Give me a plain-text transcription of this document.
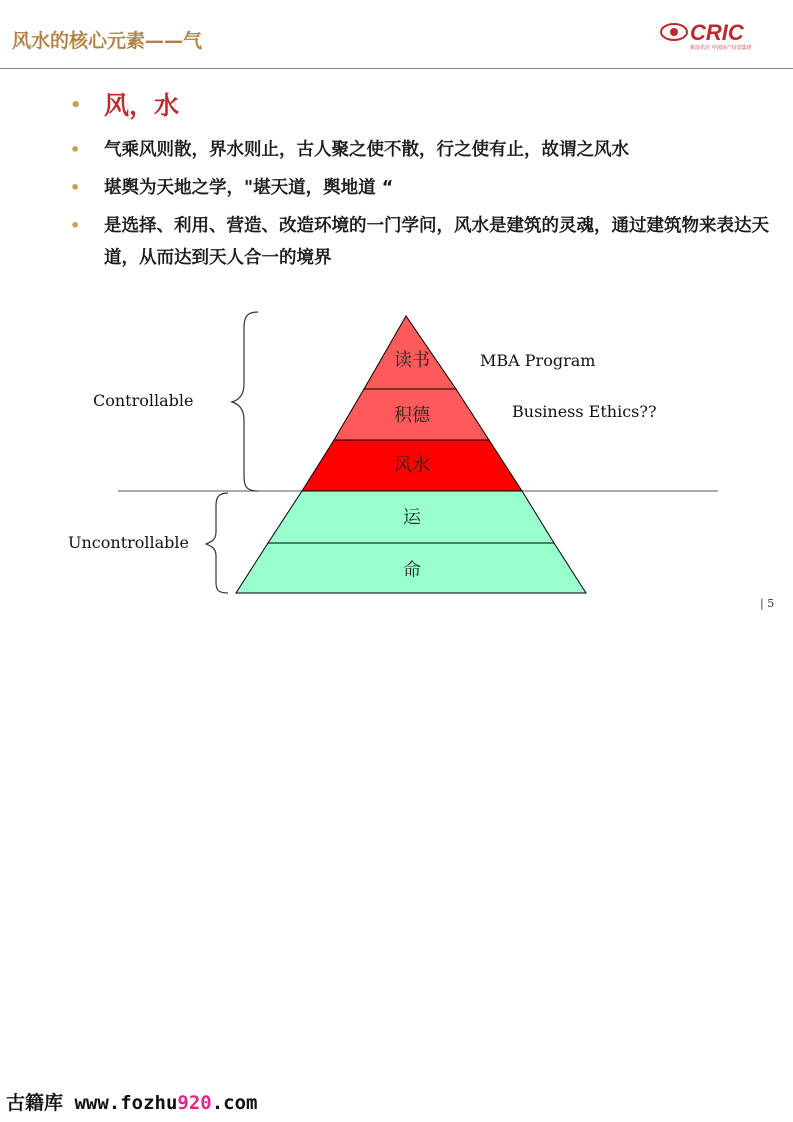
风水的核心元素——气	CRIC
新浪乐居 中国房产信息集团
• 风，水
• 气乘风则散，界水则止，古人聚之使不散，行之使有止，故谓之风水
• 堪舆为天地之学，"堪天道，舆地道 “
• 是选择、利用、营造、改造环境的一门学问，风水是建筑的灵魂，通过建筑物来表达天道，从而达到天人合一的境界
读书
积德
风水
运
命
Controllable
Uncontrollable
MBA Program
Business Ethics??
| 5
古籍库 www.fozhu920.com
